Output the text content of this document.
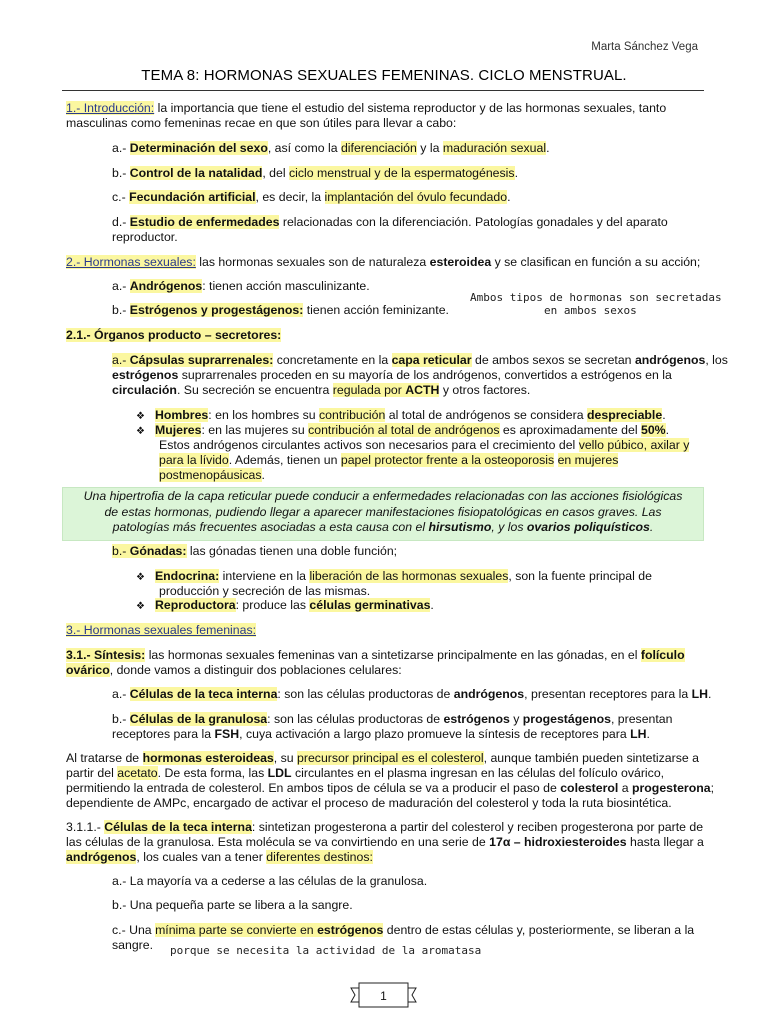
Marta Sánchez Vega
TEMA 8: HORMONAS SEXUALES FEMENINAS. CICLO MENSTRUAL.
1.- Introducción: la importancia que tiene el estudio del sistema reproductor y de las hormonas sexuales, tanto
masculinas como femeninas recae en que son útiles para llevar a cabo:
a.- Determinación del sexo, así como la diferenciación y la maduración sexual.
b.- Control de la natalidad, del ciclo menstrual y de la espermatogénesis.
c.- Fecundación artificial, es decir, la implantación del óvulo fecundado.
d.- Estudio de enfermedades relacionadas con la diferenciación. Patologías gonadales y del aparato
reproductor.
2.- Hormonas sexuales: las hormonas sexuales son de naturaleza esteroidea y se clasifican en función a su acción;
a.- Andrógenos: tienen acción masculinizante.
b.- Estrógenos y progestágenos: tienen acción feminizante.
Ambos tipos de hormonas son secretadas
en ambos sexos
2.1.- Órganos producto – secretores:
a.- Cápsulas suprarrenales: concretamente en la capa reticular de ambos sexos se secretan andrógenos, los
estrógenos suprarrenales proceden en su mayoría de los andrógenos, convertidos a estrógenos en la
circulación. Su secreción se encuentra regulada por ACTH y otros factores.
❖ Hombres: en los hombres su contribución al total de andrógenos se considera despreciable.
❖ Mujeres: en las mujeres su contribución al total de andrógenos es aproximadamente del 50%.
Estos andrógenos circulantes activos son necesarios para el crecimiento del vello púbico, axilar y
para la lívido. Además, tienen un papel protector frente a la osteoporosis en mujeres
postmenopáusicas.
Una hipertrofia de la capa reticular puede conducir a enfermedades relacionadas con las acciones fisiológicas
de estas hormonas, pudiendo llegar a aparecer manifestaciones fisiopatológicas en casos graves. Las
patologías más frecuentes asociadas a esta causa con el hirsutismo, y los ovarios poliquísticos.
b.- Gónadas: las gónadas tienen una doble función;
❖ Endocrina: interviene en la liberación de las hormonas sexuales, son la fuente principal de
producción y secreción de las mismas.
❖ Reproductora: produce las células germinativas.
3.- Hormonas sexuales femeninas:
3.1.- Síntesis: las hormonas sexuales femeninas van a sintetizarse principalmente en las gónadas, en el folículo
ovárico, donde vamos a distinguir dos poblaciones celulares:
a.- Células de la teca interna: son las células productoras de andrógenos, presentan receptores para la LH.
b.- Células de la granulosa: son las células productoras de estrógenos y progestágenos, presentan
receptores para la FSH, cuya activación a largo plazo promueve la síntesis de receptores para LH.
Al tratarse de hormonas esteroideas, su precursor principal es el colesterol, aunque también pueden sintetizarse a
partir del acetato. De esta forma, las LDL circulantes en el plasma ingresan en las células del folículo ovárico,
permitiendo la entrada de colesterol. En ambos tipos de célula se va a producir el paso de colesterol a progesterona;
dependiente de AMPc, encargado de activar el proceso de maduración del colesterol y toda la ruta biosintética.
3.1.1.- Células de la teca interna: sintetizan progesterona a partir del colesterol y reciben progesterona por parte de
las células de la granulosa. Esta molécula se va convirtiendo en una serie de 17α – hidroxiesteroides hasta llegar a
andrógenos, los cuales van a tener diferentes destinos:
a.- La mayoría va a cederse a las células de la granulosa.
b.- Una pequeña parte se libera a la sangre.
c.- Una mínima parte se convierte en estrógenos dentro de estas células y, posteriormente, se liberan a la
sangre. porque se necesita la actividad de la aromatasa
1
